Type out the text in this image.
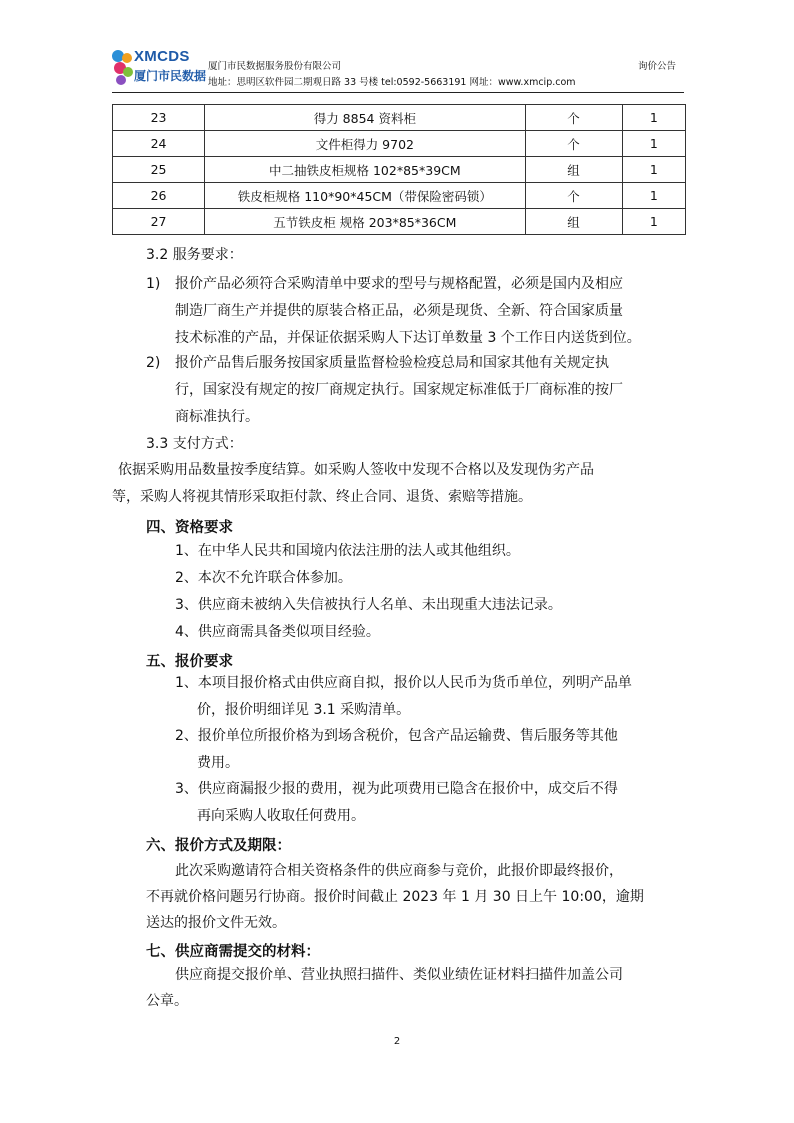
XMCDS
厦门市民数据
厦门市民数据服务股份有限公司	询价公告
地址：思明区软件园二期观日路 33 号楼 tel:0592-5663191 网址：www.xmcip.com
23	得力 8854 资料柜	个	1
24	文件柜得力 9702	个	1
25	中二抽铁皮柜规格 102*85*39CM	组	1
26	铁皮柜规格 110*90*45CM（带保险密码锁）	个	1
27	五节铁皮柜 规格 203*85*36CM	组	1
3.2 服务要求：
1) 报价产品必须符合采购清单中要求的型号与规格配置，必须是国内及相应
制造厂商生产并提供的原装合格正品，必须是现货、全新、符合国家质量
技术标准的产品，并保证依据采购人下达订单数量 3 个工作日内送货到位。
2) 报价产品售后服务按国家质量监督检验检疫总局和国家其他有关规定执
行，国家没有规定的按厂商规定执行。国家规定标准低于厂商标准的按厂
商标准执行。
3.3 支付方式：
依据采购用品数量按季度结算。如采购人签收中发现不合格以及发现伪劣产品
等，采购人将视其情形采取拒付款、终止合同、退货、索赔等措施。
四、资格要求
1、在中华人民共和国境内依法注册的法人或其他组织。
2、本次不允许联合体参加。
3、供应商未被纳入失信被执行人名单、未出现重大违法记录。
4、供应商需具备类似项目经验。
五、报价要求
1、本项目报价格式由供应商自拟，报价以人民币为货币单位，列明产品单
价，报价明细详见 3.1 采购清单。
2、报价单位所报价格为到场含税价，包含产品运输费、售后服务等其他
费用。
3、供应商漏报少报的费用，视为此项费用已隐含在报价中，成交后不得
再向采购人收取任何费用。
六、报价方式及期限：
此次采购邀请符合相关资格条件的供应商参与竞价，此报价即最终报价，
不再就价格问题另行协商。报价时间截止 2023 年 1 月 30 日上午 10:00，逾期
送达的报价文件无效。
七、供应商需提交的材料：
供应商提交报价单、营业执照扫描件、类似业绩佐证材料扫描件加盖公司
公章。
2
